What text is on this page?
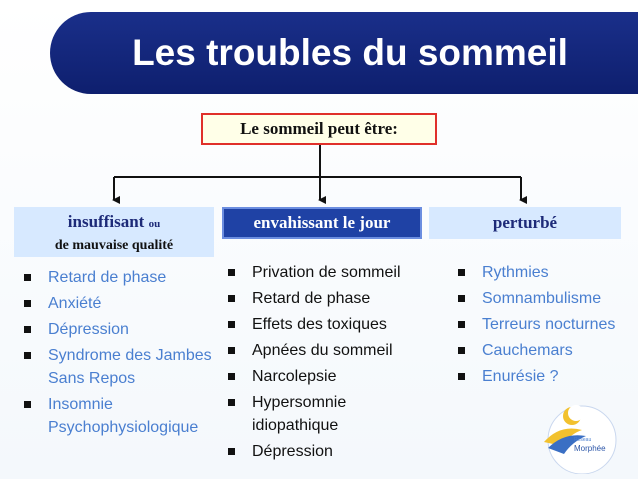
Les troubles du sommeil
Le sommeil peut être:
insuffisant ou
de mauvaise qualité
envahissant le jour	perturbé
Retard de phase
Anxiété
Dépression
Syndrome des Jambes Sans Repos
Insomnie Psychophysiologique
Privation de sommeil
Retard de phase
Effets des toxiques
Apnées du sommeil
Narcolepsie
Hypersomnie idiopathique
Dépression
Rythmies
Somnambulisme
Terreurs nocturnes
Cauchemars
Enurésie ?
Réseau
Morphée
